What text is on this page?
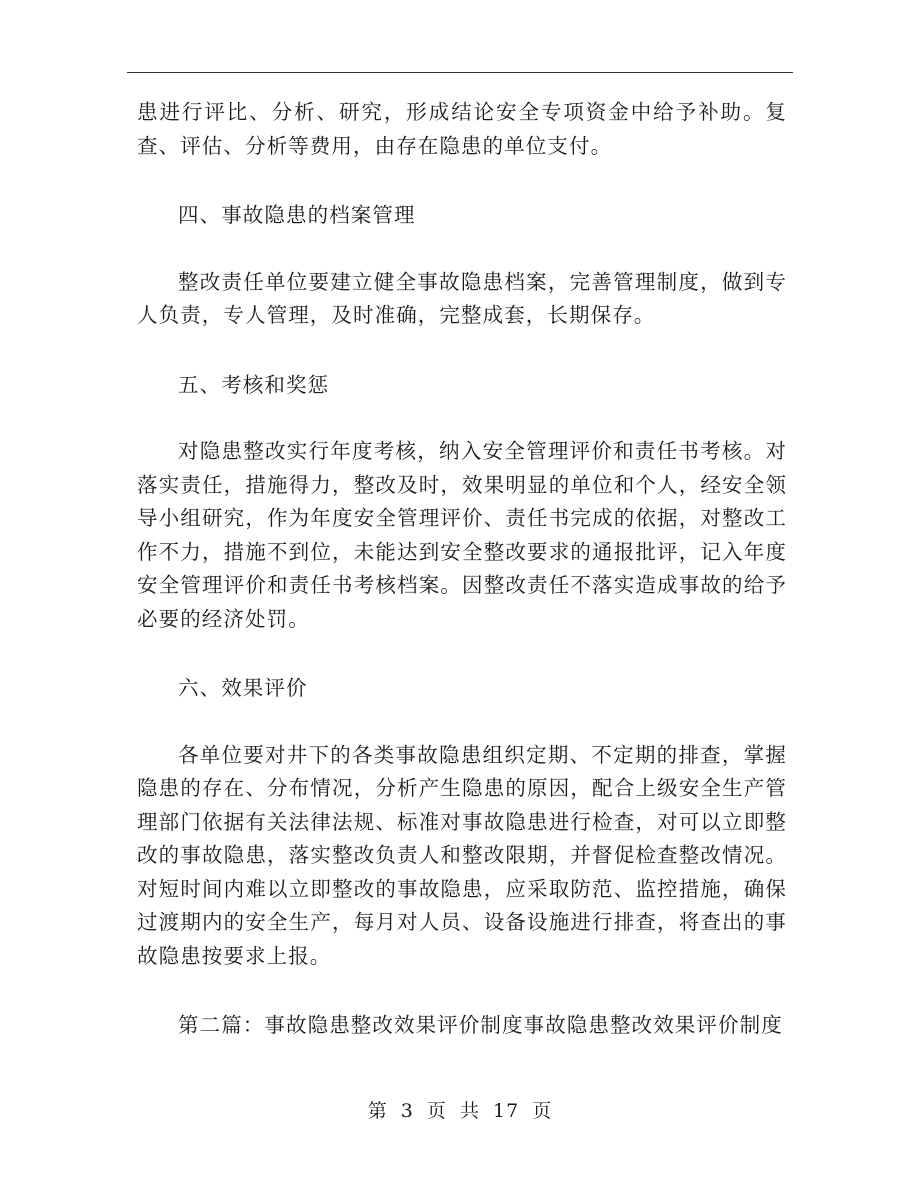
患进行评比、分析、研究，形成结论安全专项资金中给予补助。复查、评估、分析等费用，由存在隐患的单位支付。

四、事故隐患的档案管理

整改责任单位要建立健全事故隐患档案，完善管理制度，做到专人负责，专人管理，及时准确，完整成套，长期保存。

五、考核和奖惩

对隐患整改实行年度考核，纳入安全管理评价和责任书考核。对落实责任，措施得力，整改及时，效果明显的单位和个人，经安全领导小组研究，作为年度安全管理评价、责任书完成的依据，对整改工作不力，措施不到位，未能达到安全整改要求的通报批评，记入年度安全管理评价和责任书考核档案。因整改责任不落实造成事故的给予必要的经济处罚。

六、效果评价

各单位要对井下的各类事故隐患组织定期、不定期的排查，掌握隐患的存在、分布情况，分析产生隐患的原因，配合上级安全生产管理部门依据有关法律法规、标准对事故隐患进行检查，对可以立即整改的事故隐患，落实整改负责人和整改限期，并督促检查整改情况。对短时间内难以立即整改的事故隐患，应采取防范、监控措施，确保过渡期内的安全生产，每月对人员、设备设施进行排查，将查出的事故隐患按要求上报。

第二篇：事故隐患整改效果评价制度事故隐患整改效果评价制度

第 3 页 共 17 页
